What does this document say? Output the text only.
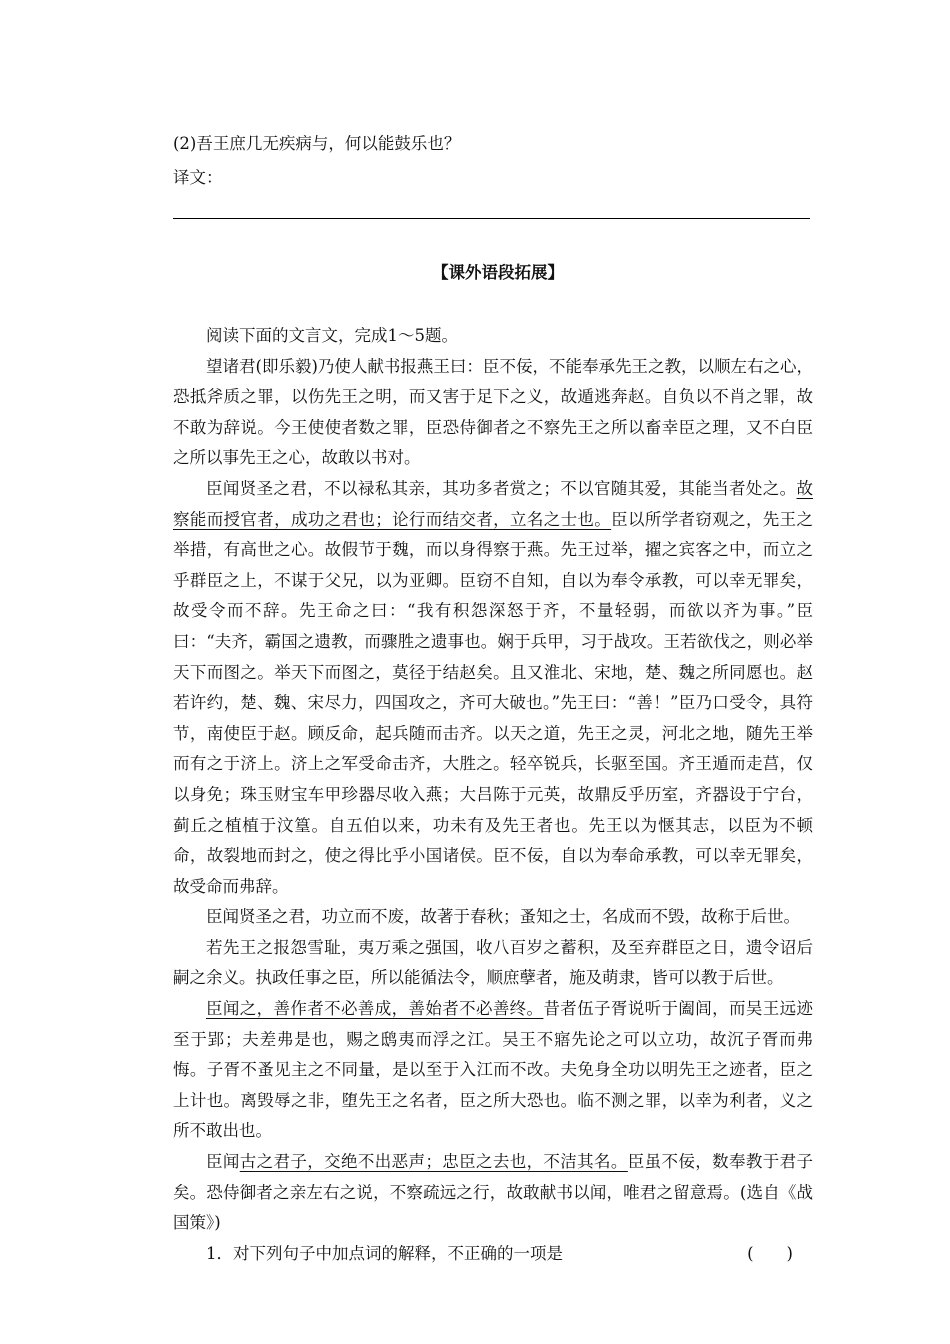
(2)吾王庶几无疾病与，何以能鼓乐也？

译文：

【课外语段拓展】

阅读下面的文言文，完成1～5题。

望诸君(即乐毅)乃使人献书报燕王曰：臣不佞，不能奉承先王之教，以顺左右之心，恐抵斧质之罪，以伤先王之明，而又害于足下之义，故遁逃奔赵。自负以不肖之罪，故不敢为辞说。今王使使者数之罪，臣恐侍御者之不察先王之所以畜幸臣之理，又不白臣之所以事先王之心，故敢以书对。

臣闻贤圣之君，不以禄私其亲，其功多者赏之；不以官随其爱，其能当者处之。故察能而授官者，成功之君也；论行而结交者，立名之士也。臣以所学者窃观之，先王之举措，有高世之心。故假节于魏，而以身得察于燕。先王过举，擢之宾客之中，而立之乎群臣之上，不谋于父兄，以为亚卿。臣窃不自知，自以为奉令承教，可以幸无罪矣，故受令而不辞。先王命之曰：“我有积怨深怒于齐，不量轻弱，而欲以齐为事。”臣曰：“夫齐，霸国之遗教，而骤胜之遗事也。娴于兵甲，习于战攻。王若欲伐之，则必举天下而图之。举天下而图之，莫径于结赵矣。且又淮北、宋地，楚、魏之所同愿也。赵若许约，楚、魏、宋尽力，四国攻之，齐可大破也。”先王曰：“善！”臣乃口受令，具符节，南使臣于赵。顾反命，起兵随而击齐。以天之道，先王之灵，河北之地，随先王举而有之于济上。济上之军受命击齐，大胜之。轻卒锐兵，长驱至国。齐王遁而走莒，仅以身免；珠玉财宝车甲珍器尽收入燕；大吕陈于元英，故鼎反乎历室，齐器设于宁台，蓟丘之植植于汶篁。自五伯以来，功未有及先王者也。先王以为惬其志，以臣为不顿命，故裂地而封之，使之得比乎小国诸侯。臣不佞，自以为奉命承教，可以幸无罪矣，故受命而弗辞。

臣闻贤圣之君，功立而不废，故著于春秋；蚤知之士，名成而不毁，故称于后世。

若先王之报怨雪耻，夷万乘之强国，收八百岁之蓄积，及至弃群臣之日，遗令诏后嗣之余义。执政任事之臣，所以能循法令，顺庶孽者，施及萌隶，皆可以教于后世。

臣闻之，善作者不必善成，善始者不必善终。昔者伍子胥说听于阖闾，而吴王远迹至于郢；夫差弗是也，赐之鸱夷而浮之江。吴王不寤先论之可以立功，故沉子胥而弗悔。子胥不蚤见主之不同量，是以至于入江而不改。夫免身全功以明先王之迹者，臣之上计也。离毁辱之非，堕先王之名者，臣之所大恐也。临不测之罪，以幸为利者，义之所不敢出也。

臣闻古之君子，交绝不出恶声；忠臣之去也，不洁其名。臣虽不佞，数奉教于君子矣。恐侍御者之亲左右之说，不察疏远之行，故敢献书以闻，唯君之留意焉。(选自《战国策》)

1．对下列句子中加点词的解释，不正确的一项是	(　　)
